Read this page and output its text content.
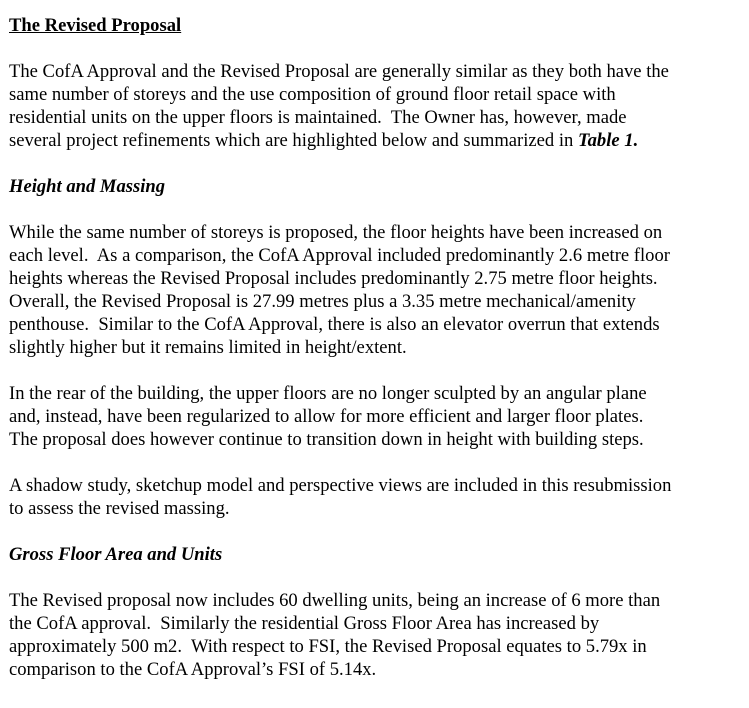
The Revised Proposal
The CofA Approval and the Revised Proposal are generally similar as they both have the
same number of storeys and the use composition of ground floor retail space with
residential units on the upper floors is maintained.  The Owner has, however, made
several project refinements which are highlighted below and summarized in Table 1.
Height and Massing
While the same number of storeys is proposed, the floor heights have been increased on
each level.  As a comparison, the CofA Approval included predominantly 2.6 metre floor
heights whereas the Revised Proposal includes predominantly 2.75 metre floor heights.
Overall, the Revised Proposal is 27.99 metres plus a 3.35 metre mechanical/amenity
penthouse.  Similar to the CofA Approval, there is also an elevator overrun that extends
slightly higher but it remains limited in height/extent.
In the rear of the building, the upper floors are no longer sculpted by an angular plane
and, instead, have been regularized to allow for more efficient and larger floor plates.
The proposal does however continue to transition down in height with building steps.
A shadow study, sketchup model and perspective views are included in this resubmission
to assess the revised massing.
Gross Floor Area and Units
The Revised proposal now includes 60 dwelling units, being an increase of 6 more than
the CofA approval.  Similarly the residential Gross Floor Area has increased by
approximately 500 m2.  With respect to FSI, the Revised Proposal equates to 5.79x in
comparison to the CofA Approval’s FSI of 5.14x.
